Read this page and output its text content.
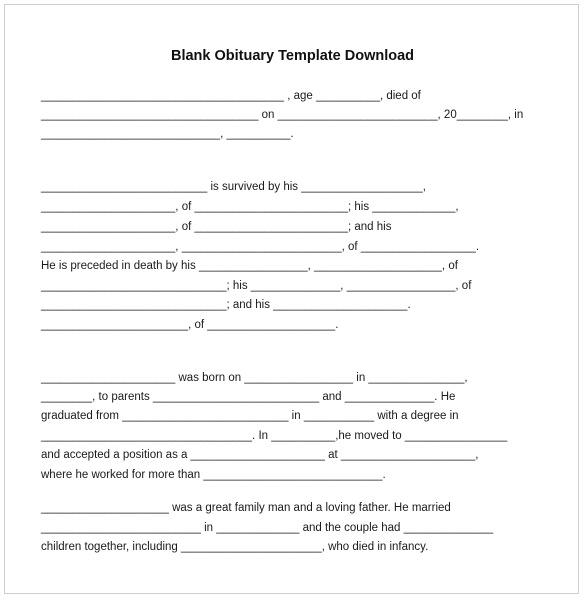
Blank Obituary Template Download
______________________________________ , age __________, died of
__________________________________ on _________________________, 20________, in
____________________________, __________.
__________________________ is survived by his ___________________,
_____________________, of ________________________; his _____________,
_____________________, of ________________________; and his
_____________________, _________________________, of __________________.
He is preceded in death by his _________________, ____________________, of
_____________________________; his ______________, _________________, of
_____________________________; and his _____________________.
_______________________, of ____________________.
_____________________ was born on _________________ in _______________,
________, to parents __________________________ and ______________. He
graduated from __________________________ in ___________ with a degree in
_________________________________. In __________,he moved to ________________
and accepted a position as a _____________________ at _____________________,
where he worked for more than ____________________________.
____________________ was a great family man and a loving father. He married
_________________________ in _____________ and the couple had ______________
children together, including ______________________, who died in infancy.
